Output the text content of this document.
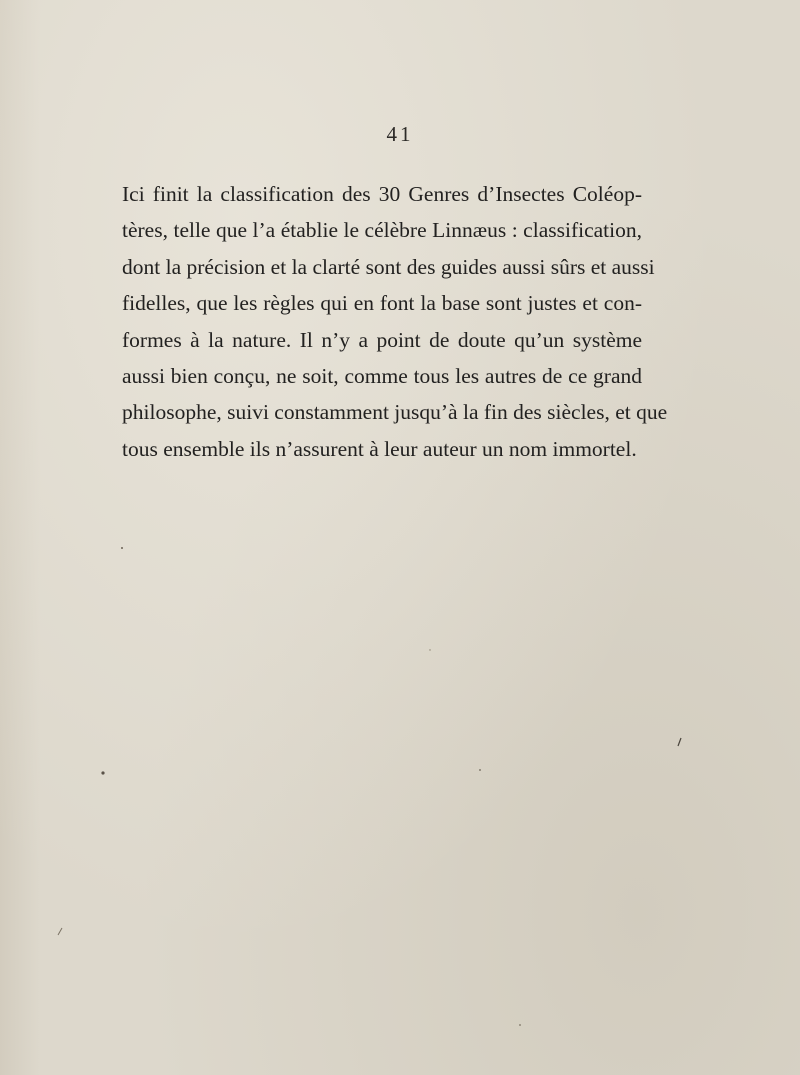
41
Ici finit la classification des 30 Genres d’Insectes Coléop-
tères, telle que l’a établie le célèbre Linnæus : classification,
dont la précision et la clarté sont des guides aussi sûrs et aussi
fidelles, que les règles qui en font la base sont justes et con-
formes à la nature. Il n’y a point de doute qu’un système
aussi bien conçu, ne soit, comme tous les autres de ce grand
philosophe, suivi constamment jusqu’à la fin des siècles, et que
tous ensemble ils n’assurent à leur auteur un nom immortel.
